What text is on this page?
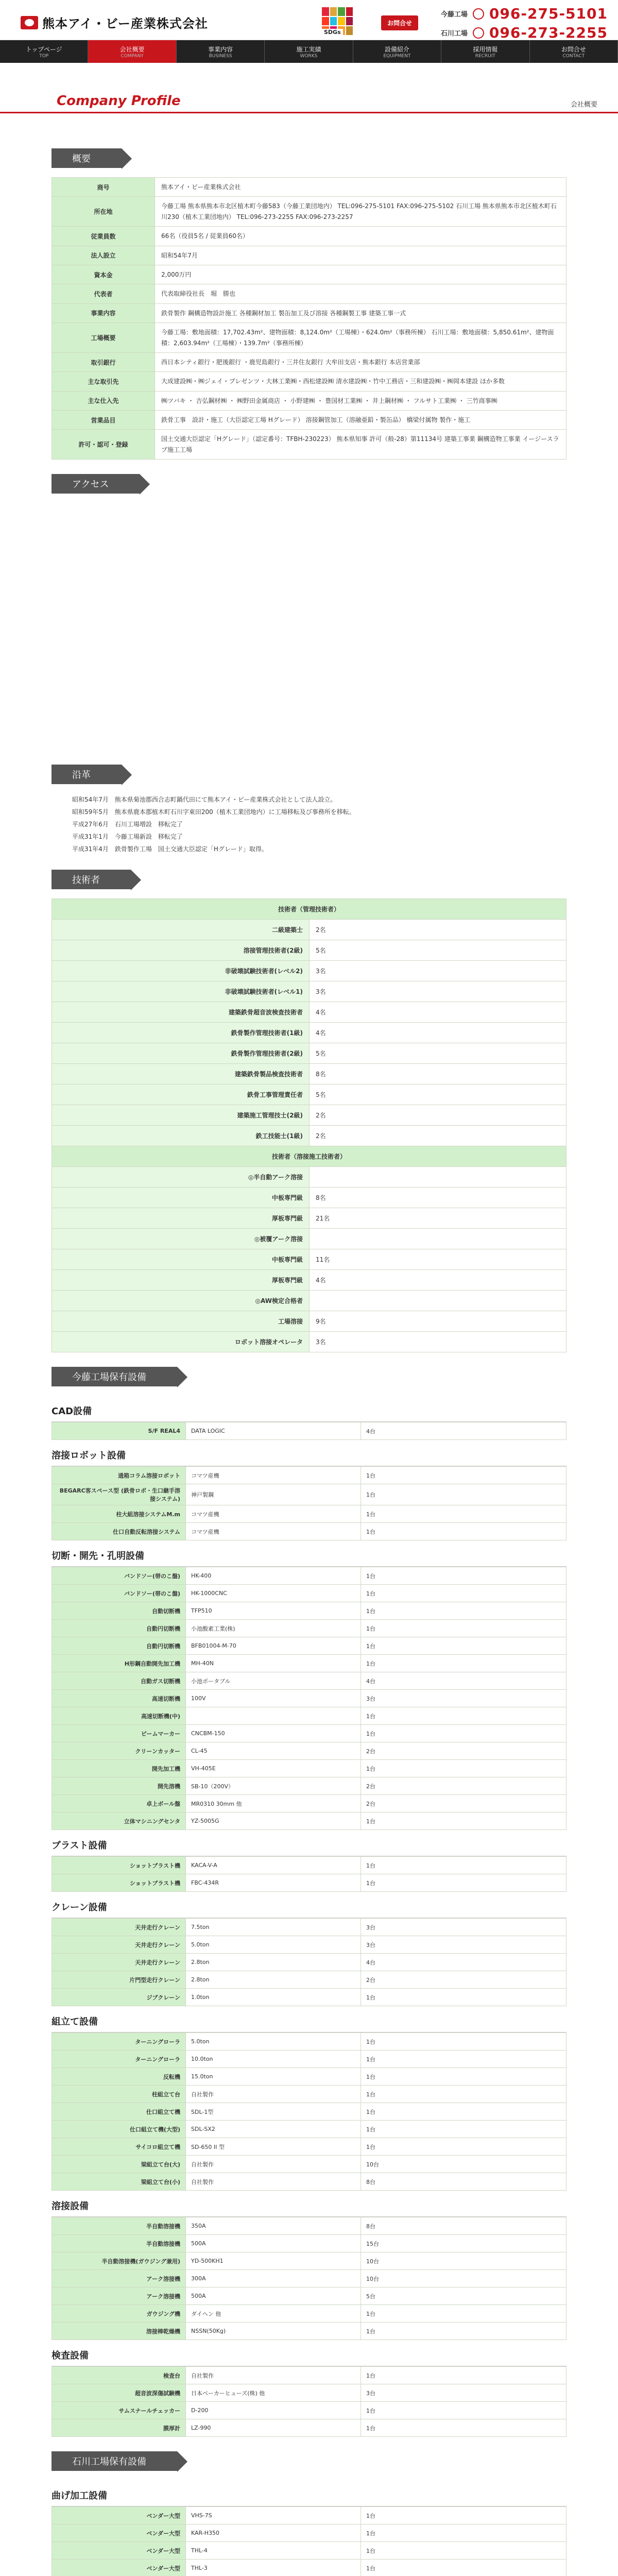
熊本アイ・ビー産業株式会社
SDGs
お問合せ
今藤工場 096-275-5101
石川工場 096-273-2255
トップページ
TOP
会社概要
COMPANY
事業内容
BUSINESS
施工実績
WORKS
設備紹介
EQUIPMENT
採用情報
RECRUIT
お問合せ
CONTACT
Company Profile	会社概要
概要
商号	熊本アイ・ビー産業株式会社
所在地	今藤工場 熊本県熊本市北区植木町今藤583（今藤工業団地内） TEL:096-275-5101 FAX:096-275-5102 石川工場 熊本県熊本市北区植木町石川230（植木工業団地内） TEL:096-273-2255 FAX:096-273-2257
従業員数	66名（役員5名 / 従業員60名）
法人設立	昭和54年7月
資本金	2,000万円
代表者	代表取締役社長　堀　勝也
事業内容	鉄骨製作 鋼構造物設計施工 各種鋼材加工 製缶加工及び溶接 各種鋼製工事 建築工事一式
工場概要	今藤工場：敷地面積：17,702.43m²、建物面積：8,124.0m²（工場棟）・624.0m²（事務所棟） 石川工場：敷地面積：5,850.61m²、建物面積：2,603.94m²（工場棟）・139.7m²（事務所棟）
取引銀行	西日本シティ銀行・肥後銀行 ・鹿児島銀行・三井住友銀行 大牟田支店・熊本銀行 本店営業部
主な取引先	大成建設㈱・㈱ジェイ・プレゼンツ・大林工業㈱・西松建設㈱ 清水建設㈱・竹中工務店・三和建設㈱・㈱岡本建設 ほか多数
主な仕入先	㈱ツバキ ・ 吉弘鋼材㈱ ・ ㈱野田金属商店 ・ 小野建㈱ ・ 豊国材工業㈱ ・ 井上鋼材㈱ ・ フルサト工業㈱ ・ 三竹商事㈱
営業品目	鉄骨工事　設計・施工（大臣認定工場 Hグレード） 溶接鋼管加工（溶融亜鉛・製缶品） 橋梁付属物 製作・施工
許可・認可・登録	国土交通大臣認定「Hグレード」（認定番号：TFBH-230223） 熊本県知事 許可（般-28）第11134号 建築工事業 鋼構造物工事業 イージースラブ施工工場
アクセス
沿革
昭和54年7月　熊本県菊池郡西合志町鍋代田にて熊本アイ・ビー産業株式会社として法人設立。
昭和59年5月　熊本県鹿本郡植木町石川字東田200（植木工業団地内）に工場移転及び事務所を移転。
平成27年6月　石川工場増設　移転完了
平成31年1月　今藤工場新設　移転完了
平成31年4月　鉄骨製作工場　国土交通大臣認定「Hグレード」取得。
技術者
技術者（管理技術者）	
二級建築士	2名
溶接管理技術者(2級)	5名
非破壊試験技術者(レベル2)	3名
非破壊試験技術者(レベル1)	3名
建築鉄骨超音波検査技術者	4名
鉄骨製作管理技術者(1級)	4名
鉄骨製作管理技術者(2級)	5名
建築鉄骨製品検査技術者	8名
鉄骨工事管理責任者	5名
建築施工管理技士(2級)	2名
鉄工技能士(1級)	2名
技術者（溶接施工技術者）	
◎半自動アーク溶接	
中板専門級	8名
厚板専門級	21名
◎被覆アーク溶接	
中板専門級	11名
厚板専門級	4名
◎AW検定合格者	
工場溶接	9名
ロボット溶接オペレータ	3名
今藤工場保有設備
CAD設備
S/F REAL4	DATA LOGIC	4台
溶接ロボット設備
通箱コラム溶接ロボット	コマツ産機	1台
BEGARC客スペース型 (鉄骨ロボ・生口継手溶接システム)	神戸製鋼	1台
柱大組溶接システムM.m	コマツ産機	1台
仕口自動反転溶接システム	コマツ産機	1台
切断・開先・孔明設備
バンドソー(帯のこ盤)	HK-400	1台
バンドソー(帯のこ盤)	HK-1000CNC	1台
自動切断機	TFP510	1台
自動円切断機	小池酸素工業(株)	1台
自動円切断機	BFB01004-M-70	1台
H形鋼自動開先加工機	MH-40N	1台
自動ガス切断機	小池ポータブル	4台
高速切断機	100V	3台
高速切断機(中)		1台
ビームマーカー	CNCBM-150	1台
クリーンカッター	CL-45	2台
開先加工機	VH-405E	1台
開先溶機	SB-10（200V）	2台
卓上ボール盤	MR0310 30mm 他	2台
立体マシニングセンタ	YZ-5005G	1台
ブラスト設備
ショットブラスト機	KACA-V-A	1台
ショットブラスト機	FBC-434R	1台
クレーン設備
天井走行クレーン	7.5ton	3台
天井走行クレーン	5.0ton	3台
天井走行クレーン	2.8ton	4台
片門型走行クレーン	2.8ton	2台
ジブクレーン	1.0ton	1台
組立て設備
ターニングローラ	5.0ton	1台
ターニングローラ	10.0ton	1台
反転機	15.0ton	1台
柱組立て台	自社製作	1台
仕口組立て機	SDL-1型	1台
仕口組立て機(大型)	SDL-SX2	1台
サイコロ組立て機	SD-650 II 型	1台
梁組立て台(大)	自社製作	10台
梁組立て台(小)	自社製作	8台
溶接設備
半自動溶接機	350A	8台
半自動溶接機	500A	15台
半自動溶接機(ガウジング兼用)	YD-500KH1	10台
アーク溶接機	300A	10台
アーク溶接機	500A	5台
ガウジング機	ダイヘン 他	1台
溶接棒乾燥機	NSSN(50Kg)	1台
検査設備
検査台	自社製作	1台
超音波深傷試験機	日本ベーカーヒューズ(株) 他	3台
サムスナールチェッカー	D-200	1台
膜厚計	LZ-990	1台
石川工場保有設備
曲げ加工設備
ベンダー大型	VHS-7S	1台
ベンダー大型	KAR-H350	1台
ベンダー大型	THL-4	1台
ベンダー大型	THL-3	1台
